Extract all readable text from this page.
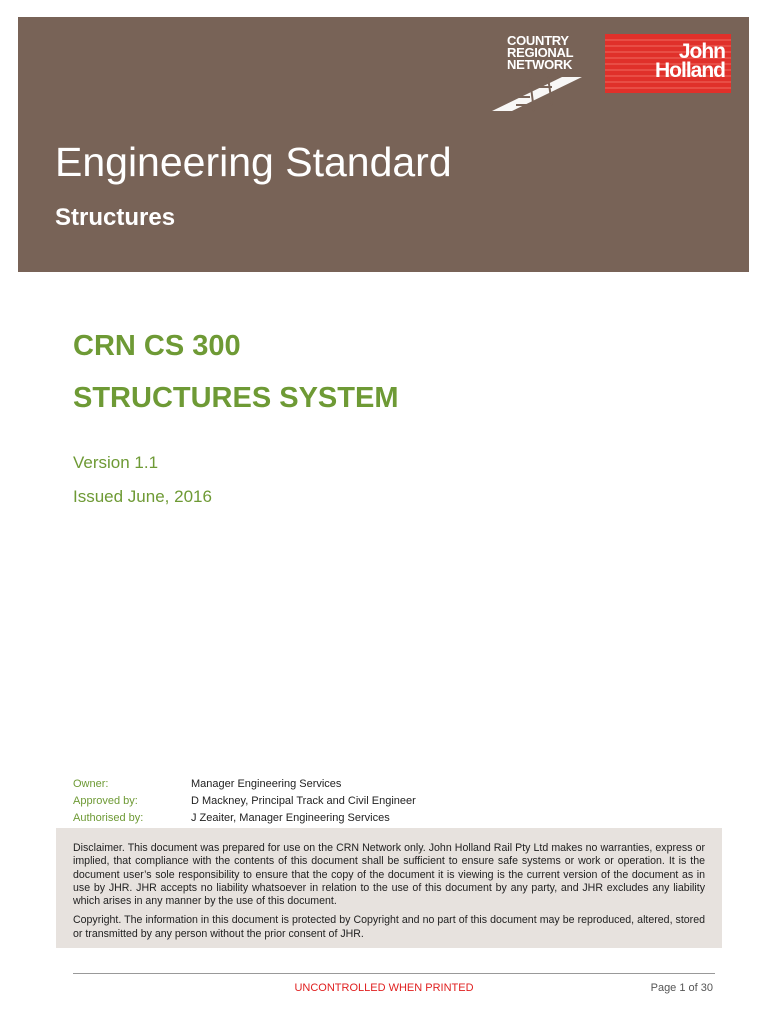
COUNTRY
REGIONAL
NETWORK
John
Holland
Engineering Standard
Structures
CRN CS 300
STRUCTURES SYSTEM
Version 1.1
Issued June, 2016
Owner:	Manager Engineering Services
Approved by:	D Mackney, Principal Track and Civil Engineer
Authorised by:	J Zeaiter, Manager Engineering Services

Disclaimer. This document was prepared for use on the CRN Network only. John Holland Rail Pty Ltd makes no warranties, express or implied, that compliance with the contents of this document shall be sufficient to ensure safe systems or work or operation. It is the document user’s sole responsibility to ensure that the copy of the document it is viewing is the current version of the document as in use by JHR. JHR accepts no liability whatsoever in relation to the use of this document by any party, and JHR excludes any liability which arises in any manner by the use of this document.

Copyright. The information in this document is protected by Copyright and no part of this document may be reproduced, altered, stored or transmitted by any person without the prior consent of JHR.

UNCONTROLLED WHEN PRINTED	Page 1 of 30
